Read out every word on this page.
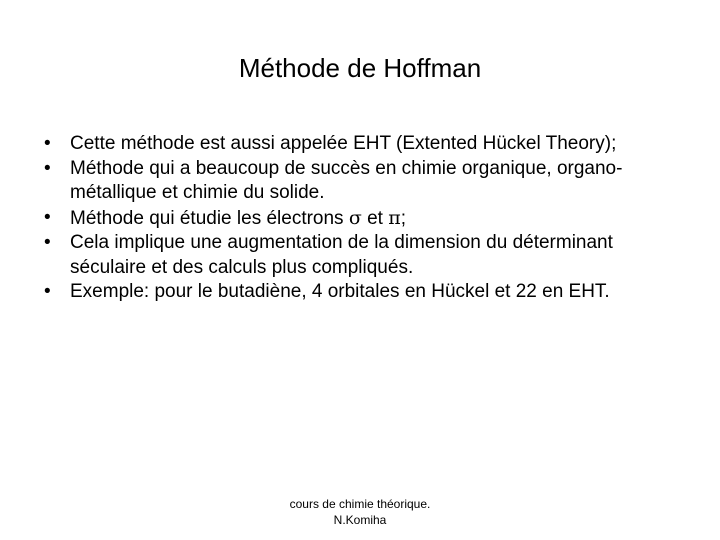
Méthode de Hoffman
•	Cette méthode est aussi appelée EHT (Extented Hückel Theory);
•	Méthode qui a beaucoup de succès en chimie organique, organo-métallique et chimie du solide.
•	Méthode qui étudie les électrons σ et π;
•	Cela implique une augmentation de la dimension du déterminant séculaire et des calculs plus compliqués.
•	Exemple: pour le butadiène, 4 orbitales en Hückel et 22 en EHT.
cours de chimie théorique.
N.Komiha
